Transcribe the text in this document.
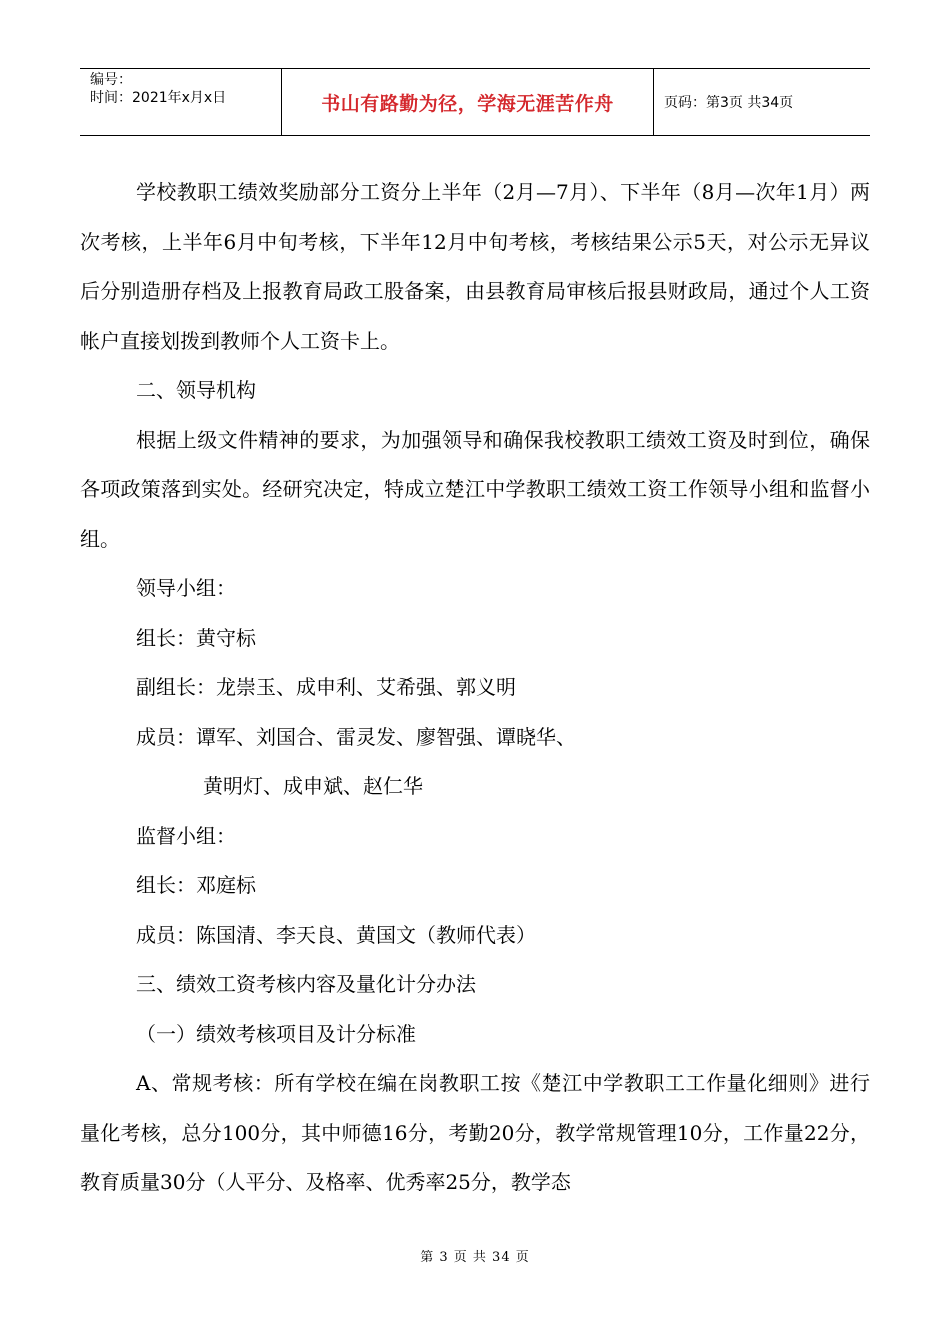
编号：
时间：2021年x月x日	书山有路勤为径，学海无涯苦作舟	页码：第3页 共34页

学校教职工绩效奖励部分工资分上半年（2月—7月）、下半年（8月—次年1月）两次考核，上半年6月中旬考核，下半年12月中旬考核，考核结果公示5天，对公示无异议后分别造册存档及上报教育局政工股备案，由县教育局审核后报县财政局，通过个人工资帐户直接划拨到教师个人工资卡上。

二、领导机构

根据上级文件精神的要求，为加强领导和确保我校教职工绩效工资及时到位，确保各项政策落到实处。经研究决定，特成立楚江中学教职工绩效工资工作领导小组和监督小组。

领导小组：

组长：黄守标

副组长：龙崇玉、成申利、艾希强、郭义明

成员：谭军、刘国合、雷灵发、廖智强、谭晓华、

黄明灯、成申斌、赵仁华

监督小组：

组长：邓庭标

成员：陈国清、李天良、黄国文（教师代表）

三、绩效工资考核内容及量化计分办法

（一）绩效考核项目及计分标准

A、常规考核：所有学校在编在岗教职工按《楚江中学教职工工作量化细则》进行量化考核，总分100分，其中师德16分，考勤20分，教学常规管理10分，工作量22分，教育质量30分（人平分、及格率、优秀率25分，教学态

第 3 页 共 34 页
